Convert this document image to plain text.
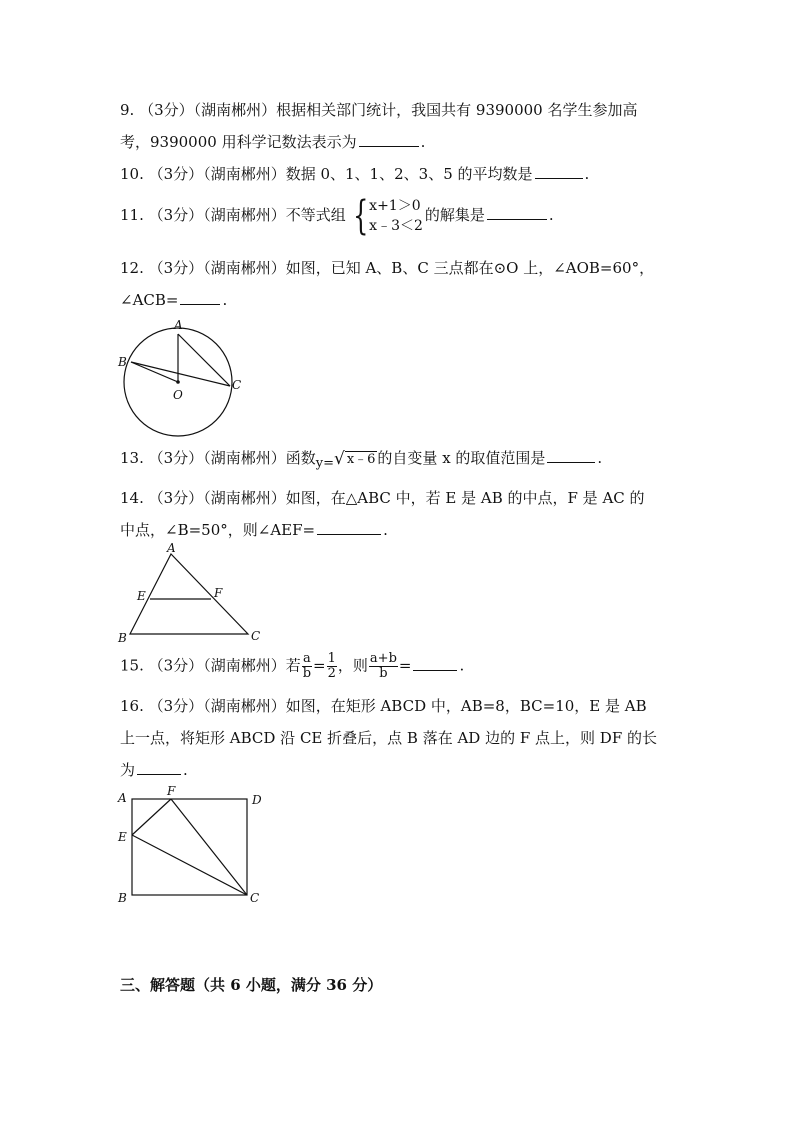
9. （3分）（湖南郴州）根据相关部门统计，我国共有 9390000 名学生参加高
考，9390000 用科学记数法表示为	.
10. （3分）（湖南郴州）数据 0、1、1、2、3、5 的平均数是	.
11. （3分）（湖南郴州）不等式组 { x+1＞0
x﹣3＜2
的解集是	.
12. （3分）（湖南郴州）如图，已知 A、B、C 三点都在⊙O 上，∠AOB=60°，
∠ACB=	.
A
B
C
O
13. （3分）（湖南郴州）函数y= √ x﹣6 的自变量 x 的取值范围是	.
14. （3分）（湖南郴州）如图，在△ABC 中，若 E 是 AB 的中点，F 是 AC 的
中点，∠B=50°，则∠AEF=	.
A
B	C
E	F
15. （3分）（湖南郴州）若 $\frac{a}{b} = \frac{1}{2}$ ，则 $\frac{a+b}{b}$ =	.
16. （3分）（湖南郴州）如图，在矩形 ABCD 中，AB=8，BC=10，E 是 AB
上一点，将矩形 ABCD 沿 CE 折叠后，点 B 落在 AD 边的 F 点上，则 DF 的长
为	.
A
B	C
D
E
F
三、解答题（共 6 小题，满分 36 分）
